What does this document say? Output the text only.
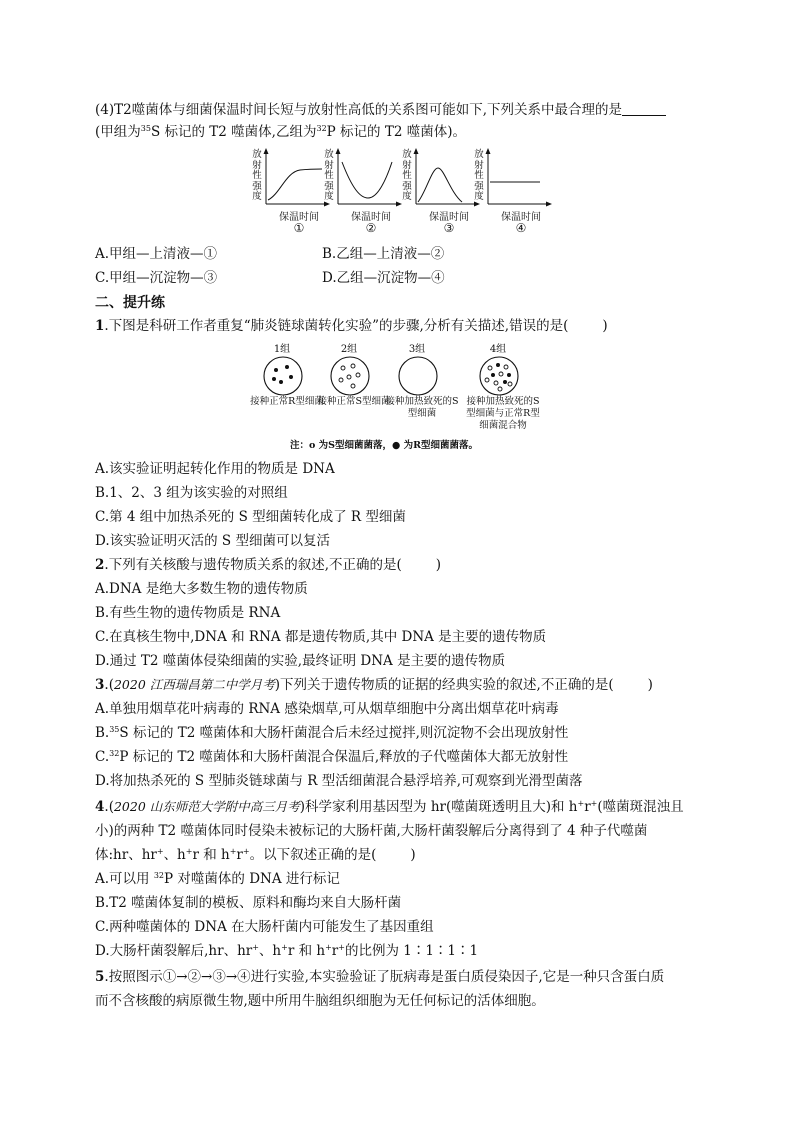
(4)T2噬菌体与细菌保温时间长短与放射性高低的关系图可能如下,下列关系中最合理的是
(甲组为$^{35}$S 标记的 T2 噬菌体,乙组为$^{32}$P 标记的 T2 噬菌体)。
放射性强度
保温时间
①
放射性强度
保温时间
②
放射性强度
保温时间
③
放射性强度
保温时间
④
A.甲组—上清液—①	B.乙组—上清液—②
C.甲组—沉淀物—③	D.乙组—沉淀物—④
二、提升练
1.下图是科研工作者重复“肺炎链球菌转化实验”的步骤,分析有关描述,错误的是(	)
1组
接种正常R型细菌
2组
接种正常S型细菌
3组
接种加热致死的S型细菌
4组
接种加热致死的S型细菌与正常R型细菌混合物
注：o 为S型细菌菌落，● 为R型细菌菌落。
A.该实验证明起转化作用的物质是 DNA
B.1、2、3 组为该实验的对照组
C.第 4 组中加热杀死的 S 型细菌转化成了 R 型细菌
D.该实验证明灭活的 S 型细菌可以复活
2.下列有关核酸与遗传物质关系的叙述,不正确的是(	)
A.DNA 是绝大多数生物的遗传物质
B.有些生物的遗传物质是 RNA
C.在真核生物中,DNA 和 RNA 都是遗传物质,其中 DNA 是主要的遗传物质
D.通过 T2 噬菌体侵染细菌的实验,最终证明 DNA 是主要的遗传物质
3.(2020 江西瑞昌第二中学月考)下列关于遗传物质的证据的经典实验的叙述,不正确的是(	)
A.单独用烟草花叶病毒的 RNA 感染烟草,可从烟草细胞中分离出烟草花叶病毒
B.$^{35}$S 标记的 T2 噬菌体和大肠杆菌混合后未经过搅拌,则沉淀物不会出现放射性
C.$^{32}$P 标记的 T2 噬菌体和大肠杆菌混合保温后,释放的子代噬菌体大都无放射性
D.将加热杀死的 S 型肺炎链球菌与 R 型活细菌混合悬浮培养,可观察到光滑型菌落
4.(2020 山东师范大学附中高三月考)科学家利用基因型为 hr(噬菌斑透明且大)和 h+r+(噬菌斑混浊且
小)的两种 T2 噬菌体同时侵染未被标记的大肠杆菌,大肠杆菌裂解后分离得到了 4 种子代噬菌
体:hr、hr+、h+r 和 h+r+。以下叙述正确的是(	)
A.可以用 $^{32}$P 对噬菌体的 DNA 进行标记
B.T2 噬菌体复制的模板、原料和酶均来自大肠杆菌
C.两种噬菌体的 DNA 在大肠杆菌内可能发生了基因重组
D.大肠杆菌裂解后,hr、hr+、h+r 和 h+r+的比例为 1∶1∶1∶1
5.按照图示①→②→③→④进行实验,本实验验证了朊病毒是蛋白质侵染因子,它是一种只含蛋白质
而不含核酸的病原微生物,题中所用牛脑组织细胞为无任何标记的活体细胞。
